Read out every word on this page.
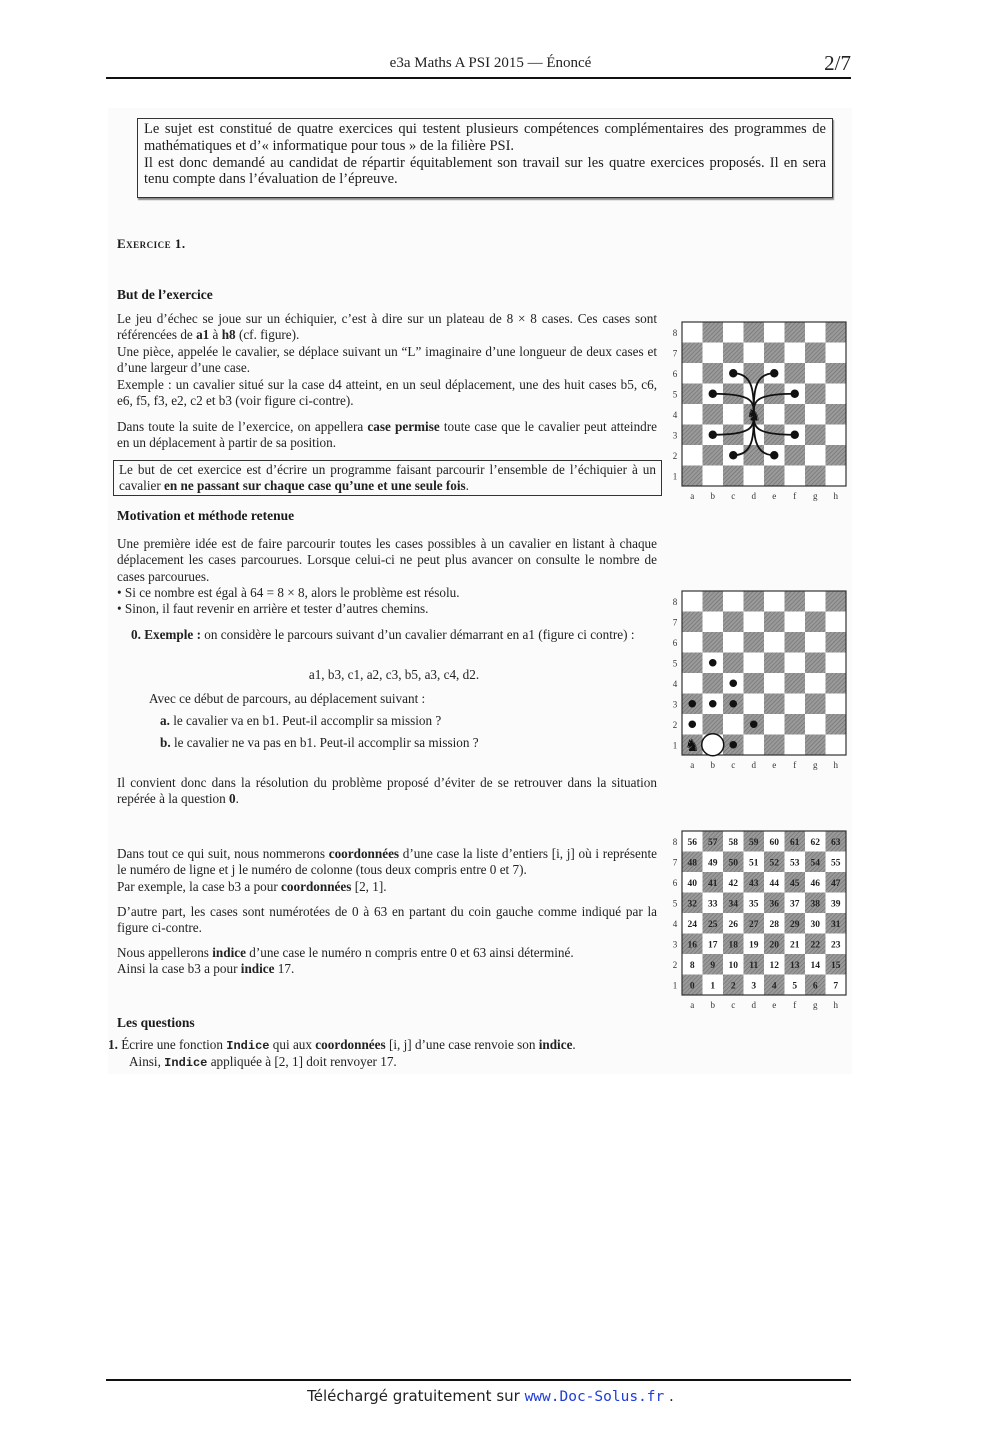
e3a Maths A PSI 2015 — Énoncé	2/7
Le sujet est constitué de quatre exercices qui testent plusieurs compétences complémentaires des programmes de mathématiques et d’« informatique pour tous » de la filière PSI.
Il est donc demandé au candidat de répartir équitablement son travail sur les quatre exercices proposés. Il en sera tenu compte dans l’évaluation de l’épreuve.
Exercice 1.
But de l’exercice
Le jeu d’échec se joue sur un échiquier, c’est à dire sur un plateau de 8 × 8 cases. Ces cases sont référencées de a1 à h8 (cf. figure).
Une pièce, appelée le cavalier, se déplace suivant un “L” imaginaire d’une longueur de deux cases et d’une largeur d’une case.
Exemple : un cavalier situé sur la case d4 atteint, en un seul déplacement, une des huit cases b5, c6, e6, f5, f3, e2, c2 et b3 (voir figure ci-contre).
Dans toute la suite de l’exercice, on appellera case permise toute case que le cavalier peut atteindre en un déplacement à partir de sa position.
Le but de cet exercice est d’écrire un programme faisant parcourir l’ensemble de l’échiquier à un cavalier en ne passant sur chaque case qu’une et une seule fois.
Motivation et méthode retenue
Une première idée est de faire parcourir toutes les cases possibles à un cavalier en listant à chaque déplacement les cases parcourues. Lorsque celui-ci ne peut plus avancer on consulte le nombre de cases parcourues.
• Si ce nombre est égal à 64 = 8 × 8, alors le problème est résolu.
• Sinon, il faut revenir en arrière et tester d’autres chemins.
0. Exemple : on considère le parcours suivant d’un cavalier démarrant en a1 (figure ci contre) :
a1, b3, c1, a2, c3, b5, a3, c4, d2.
Avec ce début de parcours, au déplacement suivant :
a. le cavalier va en b1. Peut-il accomplir sa mission ?
b. le cavalier ne va pas en b1. Peut-il accomplir sa mission ?
Il convient donc dans la résolution du problème proposé d’éviter de se retrouver dans la situation repérée à la question 0.
Dans tout ce qui suit, nous nommerons coordonnées d’une case la liste d’entiers [i, j] où i représente le numéro de ligne et j le numéro de colonne (tous deux compris entre 0 et 7).
Par exemple, la case b3 a pour coordonnées [2, 1].
D’autre part, les cases sont numérotées de 0 à 63 en partant du coin gauche comme indiqué par la figure ci-contre.
Nous appellerons indice d’une case le numéro n compris entre 0 et 63 ainsi déterminé.
Ainsi la case b3 a pour indice 17.
Les questions
1. Écrire une fonction Indice qui aux coordonnées [i, j] d’une case renvoie son indice.
Ainsi, Indice appliquée à [2, 1] doit renvoyer 17.
1
2
3
4
5
6
7
8
a b c d e f g h
♞
1
2
3
4
5
6
7
8
a b c d e f g h
♞
1
2
3
4
5
6
7
8
a b c d e f g h
0 1 2 3 4 5 6 7
8 9 10 11 12 13 14 15
16 17 18 19 20 21 22 23
24 25 26 27 28 29 30 31
32 33 34 35 36 37 38 39
40 41 42 43 44 45 46 47
48 49 50 51 52 53 54 55
56 57 58 59 60 61 62 63
Téléchargé gratuitement sur www.Doc-Solus.fr .
